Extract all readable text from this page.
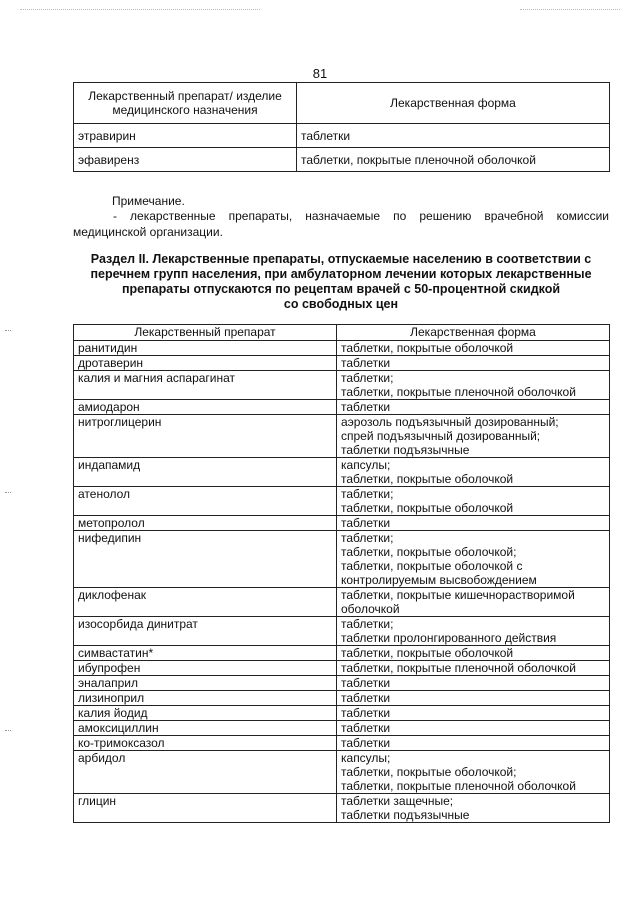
81
Лекарственный препарат/ изделие медицинского назначения	Лекарственная форма
этравирин	таблетки
эфавиренз	таблетки, покрытые пленочной оболочкой
Примечание.
- лекарственные препараты, назначаемые по решению врачебной комиссии медицинской организации.
Раздел II. Лекарственные препараты, отпускаемые населению в соответствии с
перечнем групп населения, при амбулаторном лечении которых лекарственные
препараты отпускаются по рецептам врачей с 50-процентной скидкой
со свободных цен
Лекарственный препарат	Лекарственная форма
ранитидин	таблетки, покрытые оболочкой

дротаверин	таблетки

калия и магния аспарагинат	таблетки;
таблетки, покрытые пленочной оболочкой

амиодарон	таблетки

нитроглицерин	аэрозоль подъязычный дозированный;
спрей подъязычный дозированный;
таблетки подъязычные

индапамид	капсулы;
таблетки, покрытые оболочкой

атенолол	таблетки;
таблетки, покрытые оболочкой

метопролол	таблетки

нифедипин	таблетки;
таблетки, покрытые оболочкой;
таблетки, покрытые оболочкой с
контролируемым высвобождением

диклофенак	таблетки, покрытые кишечнорастворимой
оболочкой

изосорбида динитрат	таблетки;
таблетки пролонгированного действия

симвастатин*	таблетки, покрытые оболочкой

ибупрофен	таблетки, покрытые пленочной оболочкой

эналаприл	таблетки

лизиноприл	таблетки

калия йодид	таблетки

амоксициллин	таблетки

ко-тримоксазол	таблетки

арбидол	капсулы;
таблетки, покрытые оболочкой;
таблетки, покрытые пленочной оболочкой

глицин	таблетки защечные;
таблетки подъязычные
